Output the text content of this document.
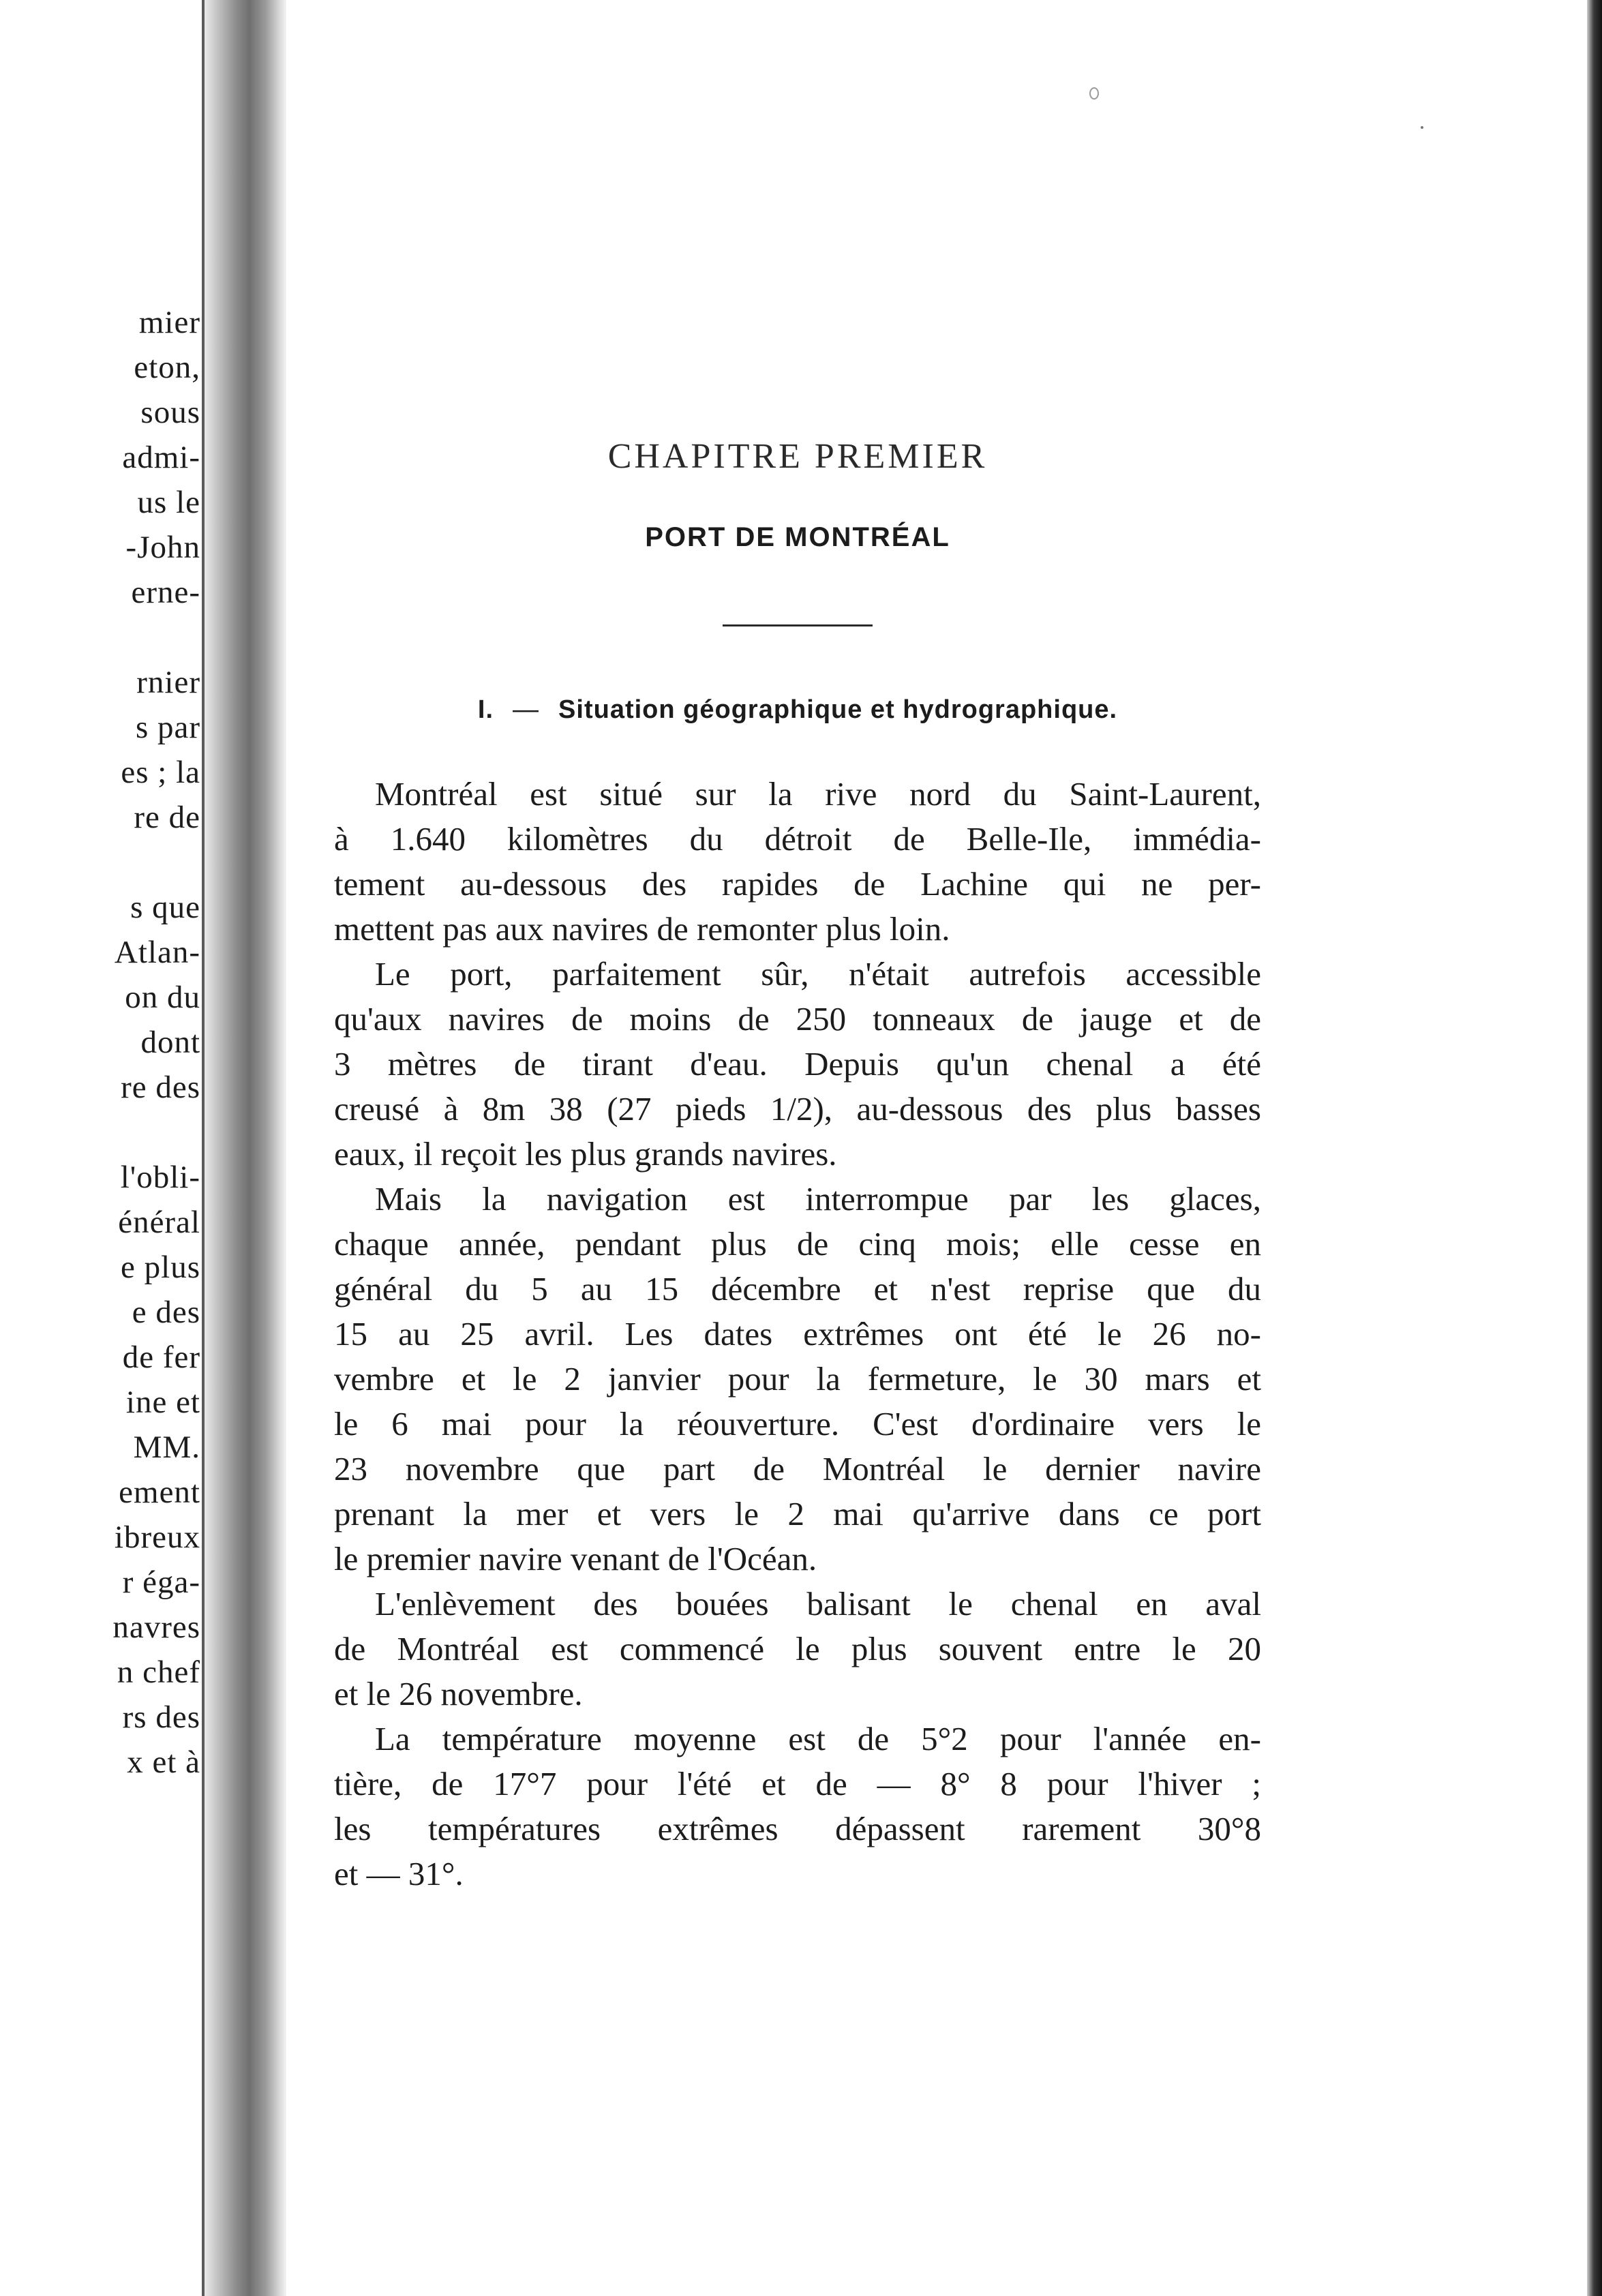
mier
eton,
sous
admi-
us le
-John
erne-
rnier
s par
es ; la
re de
s que
Atlan-
on du
dont
re des
l'obli-
énéral
e plus
e des
de fer
ine et
MM.
ement
ibreux
r éga-
navres
n chef
rs des
x et à
CHAPITRE PREMIER
PORT DE MONTRÉAL
I. — Situation géographique et hydrographique.
Montréal est situé sur la rive nord du Saint-Laurent,
à 1.640 kilomètres du détroit de Belle-Ile, immédia-
tement au-dessous des rapides de Lachine qui ne per-
mettent pas aux navires de remonter plus loin.
Le port, parfaitement sûr, n'était autrefois accessible
qu'aux navires de moins de 250 tonneaux de jauge et de
3 mètres de tirant d'eau. Depuis qu'un chenal a été
creusé à 8m 38 (27 pieds 1/2), au-dessous des plus basses
eaux, il reçoit les plus grands navires.
Mais la navigation est interrompue par les glaces,
chaque année, pendant plus de cinq mois; elle cesse en
général du 5 au 15 décembre et n'est reprise que du
15 au 25 avril. Les dates extrêmes ont été le 26 no-
vembre et le 2 janvier pour la fermeture, le 30 mars et
le 6 mai pour la réouverture. C'est d'ordinaire vers le
23 novembre que part de Montréal le dernier navire
prenant la mer et vers le 2 mai qu'arrive dans ce port
le premier navire venant de l'Océan.
L'enlèvement des bouées balisant le chenal en aval
de Montréal est commencé le plus souvent entre le 20
et le 26 novembre.
La température moyenne est de 5°2 pour l'année en-
tière, de 17°7 pour l'été et de — 8° 8 pour l'hiver ;
les températures extrêmes dépassent rarement 30°8
et — 31°.
